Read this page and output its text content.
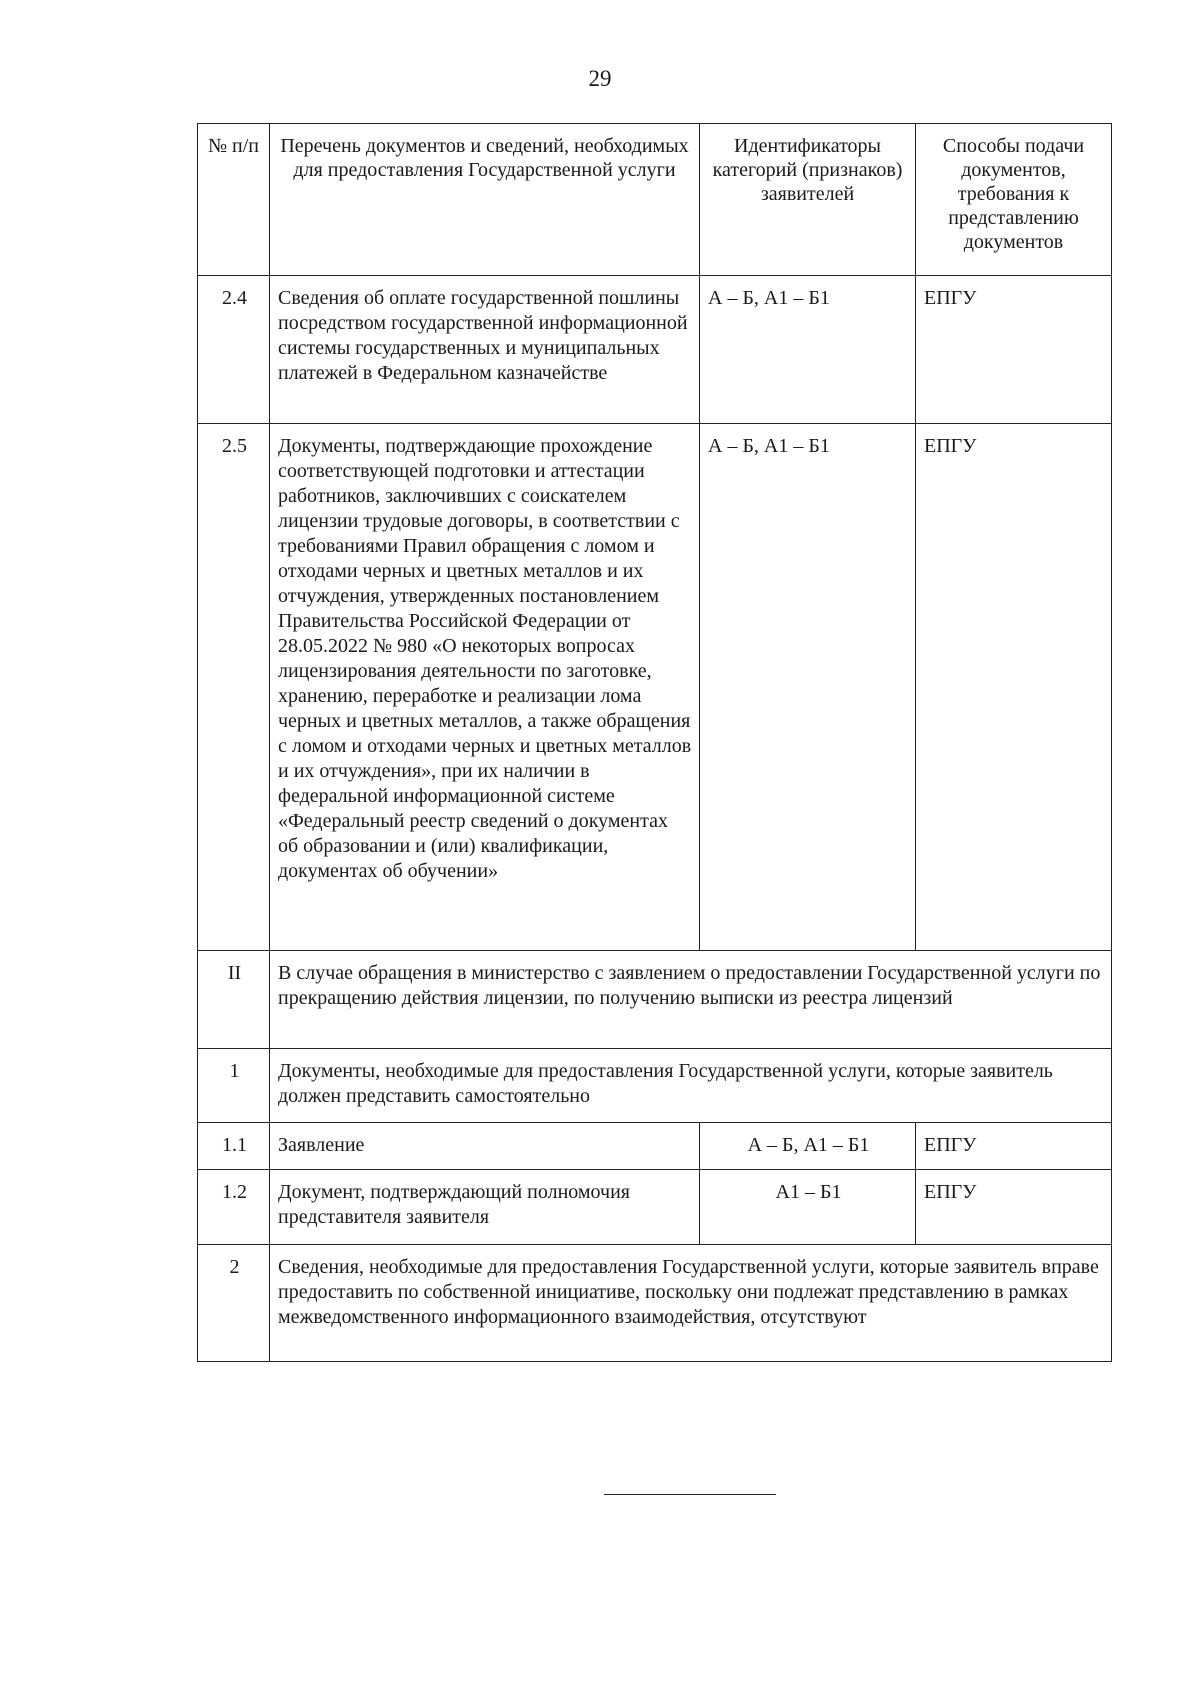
29
№ п/п	Перечень документов и сведений, необходимых для предоставления Государственной услуги	Идентификаторы категорий (признаков) заявителей	Способы подачи документов, требования к представлению документов
2.4	Сведения об оплате государственной пошлины посредством государственной информационной системы государственных и муниципальных платежей в Федеральном казначействе	А – Б, А1 – Б1	ЕПГУ
2.5	Документы, подтверждающие прохождение соответствующей подготовки и аттестации работников, заключивших с соискателем лицензии трудовые договоры, в соответствии с требованиями Правил обращения с ломом и отходами черных и цветных металлов и их отчуждения, утвержденных постановлением Правительства Российской Федерации от 28.05.2022 № 980 «О некоторых вопросах лицензирования деятельности по заготовке, хранению, переработке и реализации лома черных и цветных металлов, а также обращения с ломом и отходами черных и цветных металлов и их отчуждения», при их наличии в федеральной информационной системе «Федеральный реестр сведений о документах об образовании и (или) квалификации, документах об обучении»	А – Б, А1 – Б1	ЕПГУ
II	В случае обращения в министерство с заявлением о предоставлении Государственной услуги по прекращению действия лицензии, по получению выписки из реестра лицензий		
1	Документы, необходимые для предоставления Государственной услуги, которые заявитель должен представить самостоятельно		
1.1	Заявление	А – Б, А1 – Б1	ЕПГУ
1.2	Документ, подтверждающий полномочия представителя заявителя	А1 – Б1	ЕПГУ
2	Сведения, необходимые для предоставления Государственной услуги, которые заявитель вправе предоставить по собственной инициативе, поскольку они подлежат представлению в рамках межведомственного информационного взаимодействия, отсутствуют		
